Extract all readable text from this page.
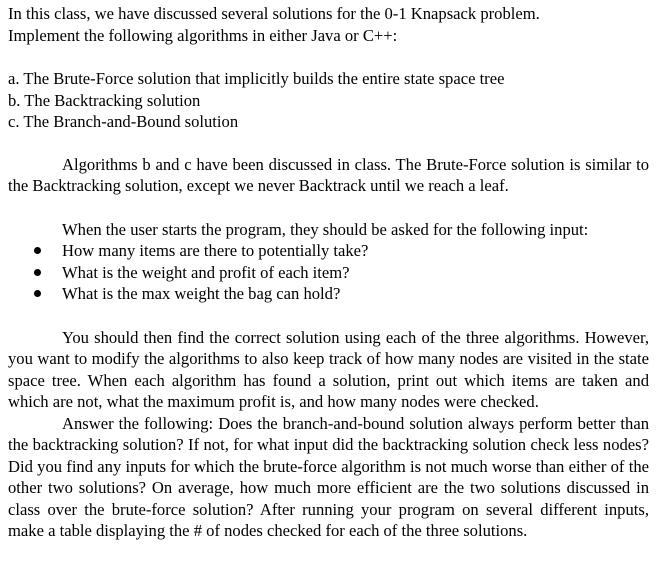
In this class, we have discussed several solutions for the 0-1 Knapsack problem.
Implement the following algorithms in either Java or C++:

a. The Brute-Force solution that implicitly builds the entire state space tree
b. The Backtracking solution
c. The Branch-and-Bound solution

Algorithms b and c have been discussed in class. The Brute-Force solution is similar to the Backtracking solution, except we never Backtrack until we reach a leaf.

When the user starts the program, they should be asked for the following input:

How many items are there to potentially take?
What is the weight and profit of each item?
What is the max weight the bag can hold?

You should then find the correct solution using each of the three algorithms. However, you want to modify the algorithms to also keep track of how many nodes are visited in the state space tree. When each algorithm has found a solution, print out which items are taken and which are not, what the maximum profit is, and how many nodes were checked.

Answer the following: Does the branch-and-bound solution always perform better than the backtracking solution? If not, for what input did the backtracking solution check less nodes? Did you find any inputs for which the brute-force algorithm is not much worse than either of the other two solutions? On average, how much more efficient are the two solutions discussed in class over the brute-force solution? After running your program on several different inputs, make a table displaying the # of nodes checked for each of the three solutions.
